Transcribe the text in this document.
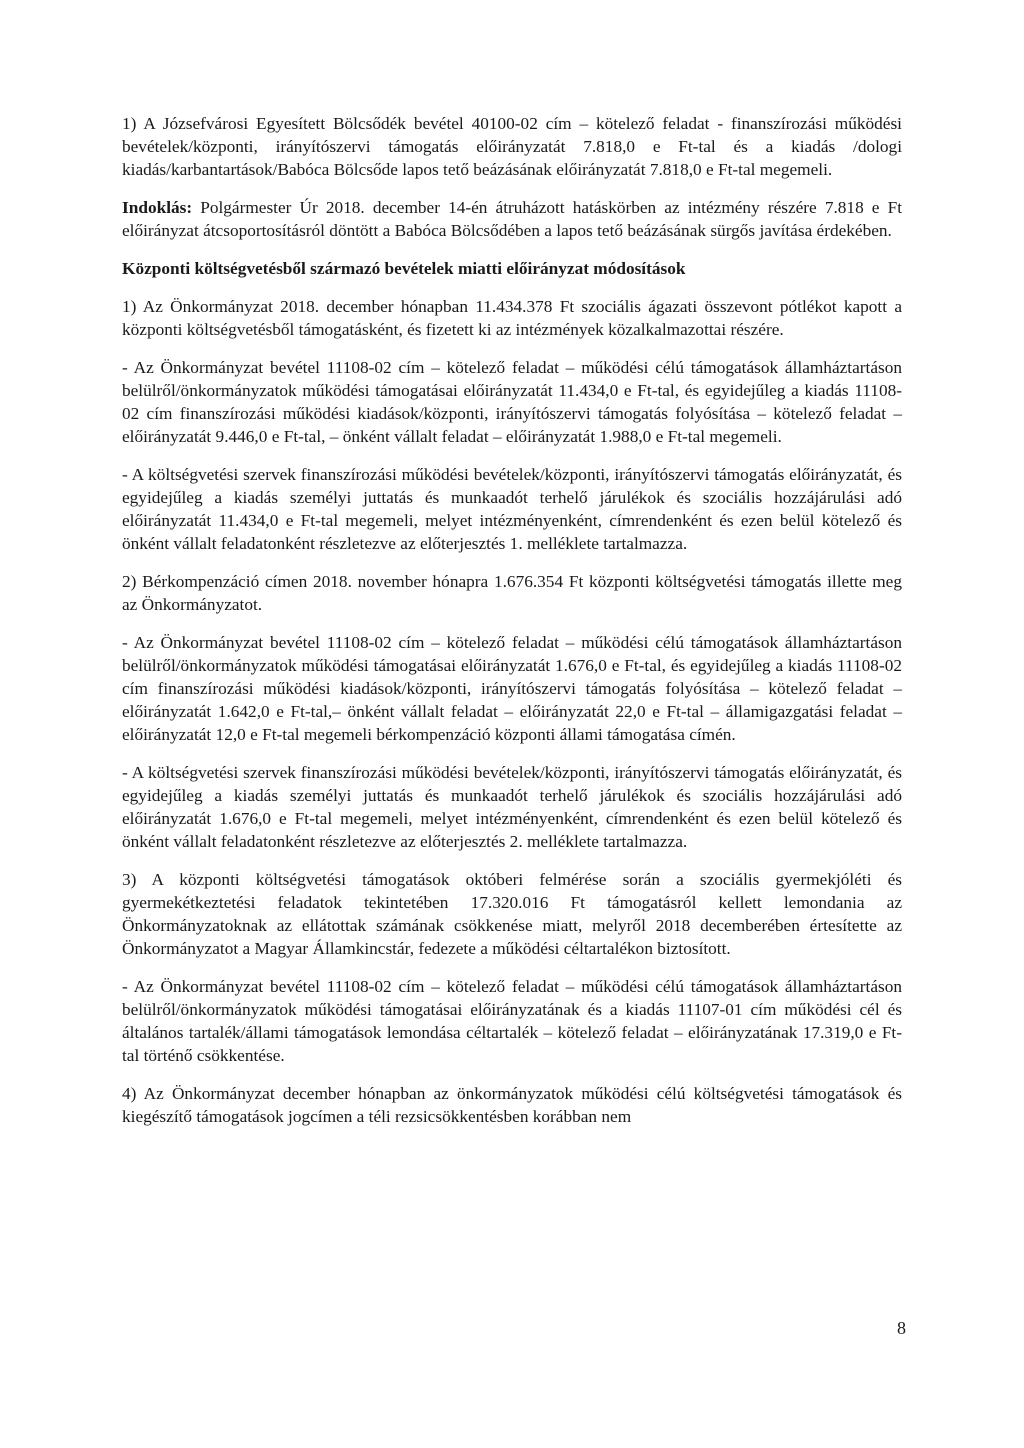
1) A Józsefvárosi Egyesített Bölcsődék bevétel 40100-02 cím – kötelező feladat - finanszírozási működési bevételek/központi, irányítószervi támogatás előirányzatát 7.818,0 e Ft-tal és a kiadás /dologi kiadás/karbantartások/Babóca Bölcsőde lapos tető beázásának előirányzatát 7.818,0 e Ft-tal megemeli.

Indoklás: Polgármester Úr 2018. december 14-én átruházott hatáskörben az intézmény részére 7.818 e Ft előirányzat átcsoportosításról döntött a Babóca Bölcsődében a lapos tető beázásának sürgős javítása érdekében.

Központi költségvetésből származó bevételek miatti előirányzat módosítások

1) Az Önkormányzat 2018. december hónapban 11.434.378 Ft szociális ágazati összevont pótlékot kapott a központi költségvetésből támogatásként, és fizetett ki az intézmények közalkalmazottai részére.

- Az Önkormányzat bevétel 11108-02 cím – kötelező feladat – működési célú támogatások államháztartáson belülről/önkormányzatok működési támogatásai előirányzatát 11.434,0 e Ft-tal, és egyidejűleg a kiadás 11108-02 cím finanszírozási működési kiadások/központi, irányítószervi támogatás folyósítása – kötelező feladat – előirányzatát 9.446,0 e Ft-tal, – önként vállalt feladat – előirányzatát 1.988,0 e Ft-tal megemeli.

- A költségvetési szervek finanszírozási működési bevételek/központi, irányítószervi támogatás előirányzatát, és egyidejűleg a kiadás személyi juttatás és munkaadót terhelő járulékok és szociális hozzájárulási adó előirányzatát 11.434,0 e Ft-tal megemeli, melyet intézményenként, címrendenként és ezen belül kötelező és önként vállalt feladatonként részletezve az előterjesztés 1. melléklete tartalmazza.

2) Bérkompenzáció címen 2018. november hónapra 1.676.354 Ft központi költségvetési támogatás illette meg az Önkormányzatot.

- Az Önkormányzat bevétel 11108-02 cím – kötelező feladat – működési célú támogatások államháztartáson belülről/önkormányzatok működési támogatásai előirányzatát 1.676,0 e Ft-tal, és egyidejűleg a kiadás 11108-02 cím finanszírozási működési kiadások/központi, irányítószervi támogatás folyósítása – kötelező feladat – előirányzatát 1.642,0 e Ft-tal,– önként vállalt feladat – előirányzatát 22,0 e Ft-tal – államigazgatási feladat – előirányzatát 12,0 e Ft-tal megemeli bérkompenzáció központi állami támogatása címén.

- A költségvetési szervek finanszírozási működési bevételek/központi, irányítószervi támogatás előirányzatát, és egyidejűleg a kiadás személyi juttatás és munkaadót terhelő járulékok és szociális hozzájárulási adó előirányzatát 1.676,0 e Ft-tal megemeli, melyet intézményenként, címrendenként és ezen belül kötelező és önként vállalt feladatonként részletezve az előterjesztés 2. melléklete tartalmazza.

3) A központi költségvetési támogatások októberi felmérése során a szociális gyermekjóléti és gyermekétkeztetési feladatok tekintetében 17.320.016 Ft támogatásról kellett lemondania az Önkormányzatoknak az ellátottak számának csökkenése miatt, melyről 2018 decemberében értesítette az Önkormányzatot a Magyar Államkincstár, fedezete a működési céltartalékon biztosított.

- Az Önkormányzat bevétel 11108-02 cím – kötelező feladat – működési célú támogatások államháztartáson belülről/önkormányzatok működési támogatásai előirányzatának és a kiadás 11107-01 cím működési cél és általános tartalék/állami támogatások lemondása céltartalék – kötelező feladat – előirányzatának 17.319,0 e Ft-tal történő csökkentése.

4) Az Önkormányzat december hónapban az önkormányzatok működési célú költségvetési támogatások és kiegészítő támogatások jogcímen a téli rezsicsökkentésben korábban nem

8
